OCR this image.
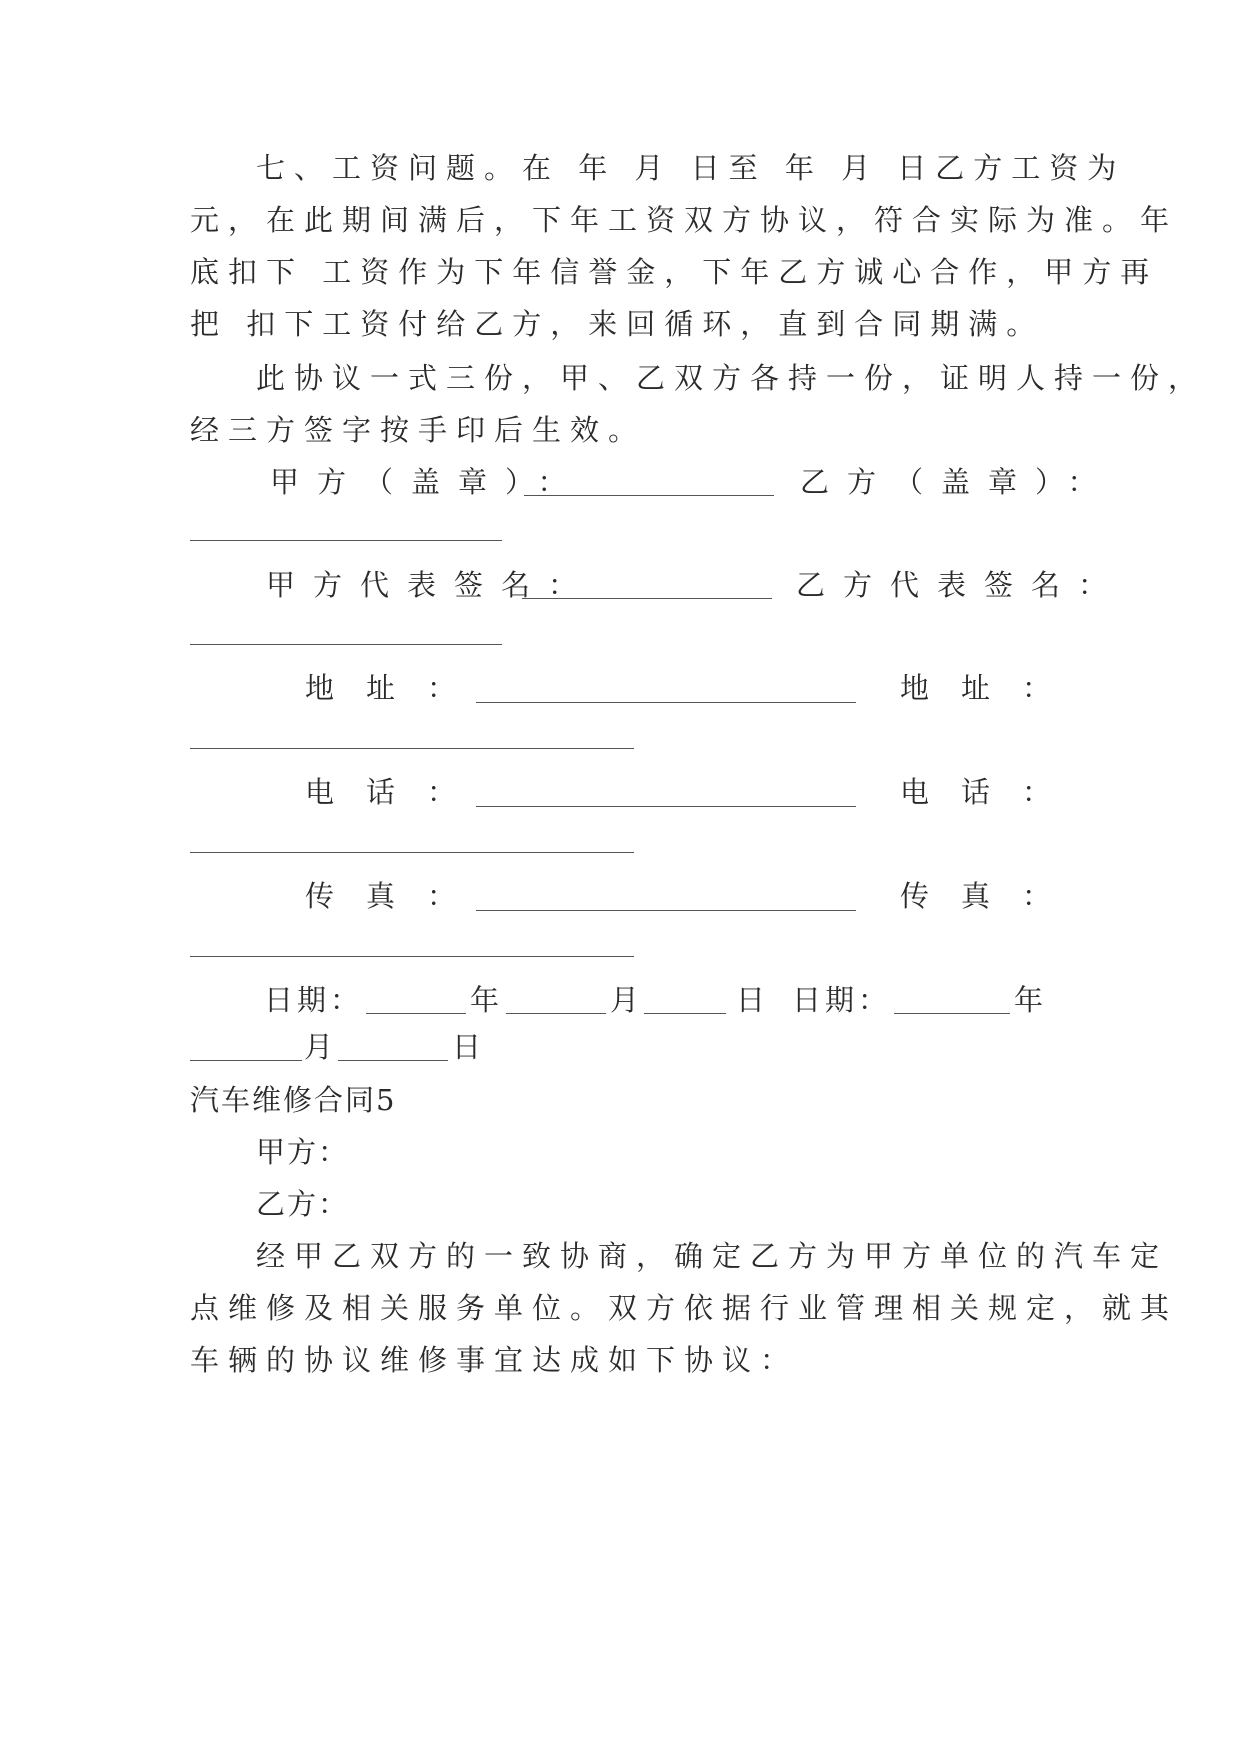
七、工资问题。在 年 月 日至 年 月 日乙方工资为
元，在此期间满后，下年工资双方协议，符合实际为准。年
底扣下 工资作为下年信誉金，下年乙方诚心合作，甲方再
把 扣下工资付给乙方，来回循环，直到合同期满。
此协议一式三份，甲、乙双方各持一份，证明人持一份，
经三方签字按手印后生效。
甲方（盖章）：	乙方（盖章）：
甲方代表签名：	乙方代表签名：
地址：	地址：
电话：	电话：
传真：	传真：
日期：	年	月	日 日期：	年
月	日
汽车维修合同5
甲方：
乙方：
经甲乙双方的一致协商，确定乙方为甲方单位的汽车定
点维修及相关服务单位。双方依据行业管理相关规定，就其
车辆的协议维修事宜达成如下协议：
